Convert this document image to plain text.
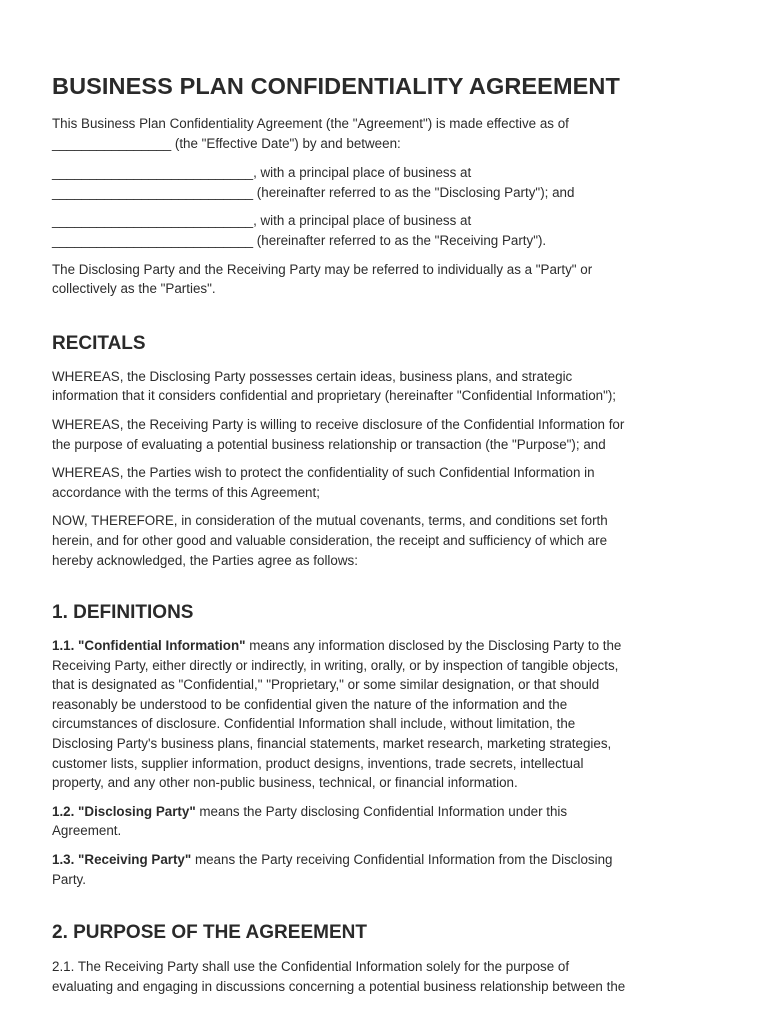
BUSINESS PLAN CONFIDENTIALITY AGREEMENT

This Business Plan Confidentiality Agreement (the "Agreement") is made effective as of
________________ (the "Effective Date") by and between:

___________________________, with a principal place of business at
___________________________ (hereinafter referred to as the "Disclosing Party"); and

___________________________, with a principal place of business at
___________________________ (hereinafter referred to as the "Receiving Party").

The Disclosing Party and the Receiving Party may be referred to individually as a "Party" or
collectively as the "Parties".

RECITALS

WHEREAS, the Disclosing Party possesses certain ideas, business plans, and strategic
information that it considers confidential and proprietary (hereinafter "Confidential Information");

WHEREAS, the Receiving Party is willing to receive disclosure of the Confidential Information for
the purpose of evaluating a potential business relationship or transaction (the "Purpose"); and

WHEREAS, the Parties wish to protect the confidentiality of such Confidential Information in
accordance with the terms of this Agreement;

NOW, THEREFORE, in consideration of the mutual covenants, terms, and conditions set forth
herein, and for other good and valuable consideration, the receipt and sufficiency of which are
hereby acknowledged, the Parties agree as follows:

1. DEFINITIONS

1.1. "Confidential Information" means any information disclosed by the Disclosing Party to the
Receiving Party, either directly or indirectly, in writing, orally, or by inspection of tangible objects,
that is designated as "Confidential," "Proprietary," or some similar designation, or that should
reasonably be understood to be confidential given the nature of the information and the
circumstances of disclosure. Confidential Information shall include, without limitation, the
Disclosing Party's business plans, financial statements, market research, marketing strategies,
customer lists, supplier information, product designs, inventions, trade secrets, intellectual
property, and any other non-public business, technical, or financial information.

1.2. "Disclosing Party" means the Party disclosing Confidential Information under this
Agreement.

1.3. "Receiving Party" means the Party receiving Confidential Information from the Disclosing
Party.

2. PURPOSE OF THE AGREEMENT

2.1. The Receiving Party shall use the Confidential Information solely for the purpose of
evaluating and engaging in discussions concerning a potential business relationship between the
